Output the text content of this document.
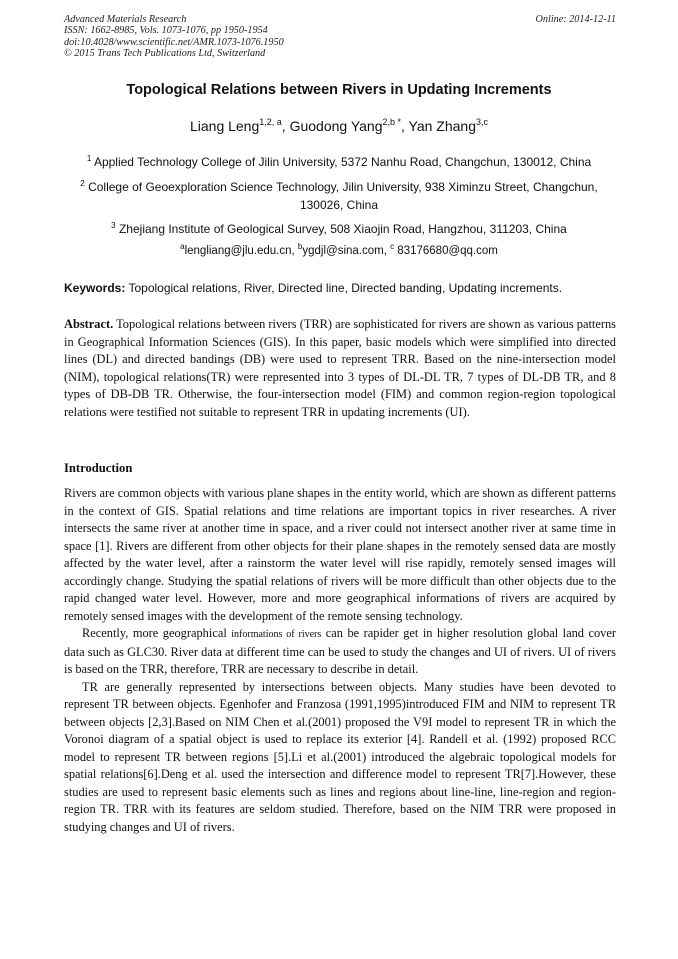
Advanced Materials Research
ISSN: 1662-8985, Vols. 1073-1076, pp 1950-1954
doi:10.4028/www.scientific.net/AMR.1073-1076.1950
© 2015 Trans Tech Publications Ltd, Switzerland
Online: 2014-12-11
Topological Relations between Rivers in Updating Increments
Liang Leng$^{1,2, a}$, Guodong Yang$^{2,b *}$, Yan Zhang$^{3,c}$
$^1$ Applied Technology College of Jilin University, 5372 Nanhu Road, Changchun, 130012, China
$^2$ College of Geoexploration Science Technology, Jilin University, 938 Ximinzu Street, Changchun, 130026, China
$^3$ Zhejiang Institute of Geological Survey, 508 Xiaojin Road, Hangzhou, 311203, China
$^a$lengliang@jlu.edu.cn, $^b$ygdjl@sina.com, $^c$ 83176680@qq.com
Keywords: Topological relations, River, Directed line, Directed banding, Updating increments.
Abstract. Topological relations between rivers (TRR) are sophisticated for rivers are shown as various patterns in Geographical Information Sciences (GIS). In this paper, basic models which were simplified into directed lines (DL) and directed bandings (DB) were used to represent TRR. Based on the nine-intersection model (NIM), topological relations(TR) were represented into 3 types of DL-DL TR, 7 types of DL-DB TR, and 8 types of DB-DB TR. Otherwise, the four-intersection model (FIM) and common region-region topological relations were testified not suitable to represent TRR in updating increments (UI).
Introduction

Rivers are common objects with various plane shapes in the entity world, which are shown as different patterns in the context of GIS. Spatial relations and time relations are important topics in river researches. A river intersects the same river at another time in space, and a river could not intersect another river at same time in space [1]. Rivers are different from other objects for their plane shapes in the remotely sensed data are mostly affected by the water level, after a rainstorm the water level will rise rapidly, remotely sensed images will accordingly change. Studying the spatial relations of rivers will be more difficult than other objects due to the rapid changed water level. However, more and more geographical informations of rivers are acquired by remotely sensed images with the development of the remote sensing technology.

Recently, more geographical informations of rivers can be rapider get in higher resolution global land cover data such as GLC30. River data at different time can be used to study the changes and UI of rivers. UI of rivers is based on the TRR, therefore, TRR are necessary to describe in detail.

TR are generally represented by intersections between objects. Many studies have been devoted to represent TR between objects. Egenhofer and Franzosa (1991,1995)introduced FIM and NIM to represent TR between objects [2,3].Based on NIM Chen et al.(2001) proposed the V9I model to represent TR in which the Voronoi diagram of a spatial object is used to replace its exterior [4]. Randell et al. (1992) proposed RCC model to represent TR between regions [5].Li et al.(2001) introduced the algebraic topological models for spatial relations[6].Deng et al. used the intersection and difference model to represent TR[7].However, these studies are used to represent basic elements such as lines and regions about line-line, line-region and region-region TR. TRR with its features are seldom studied. Therefore, based on the NIM TRR were proposed in studying changes and UI of rivers.
